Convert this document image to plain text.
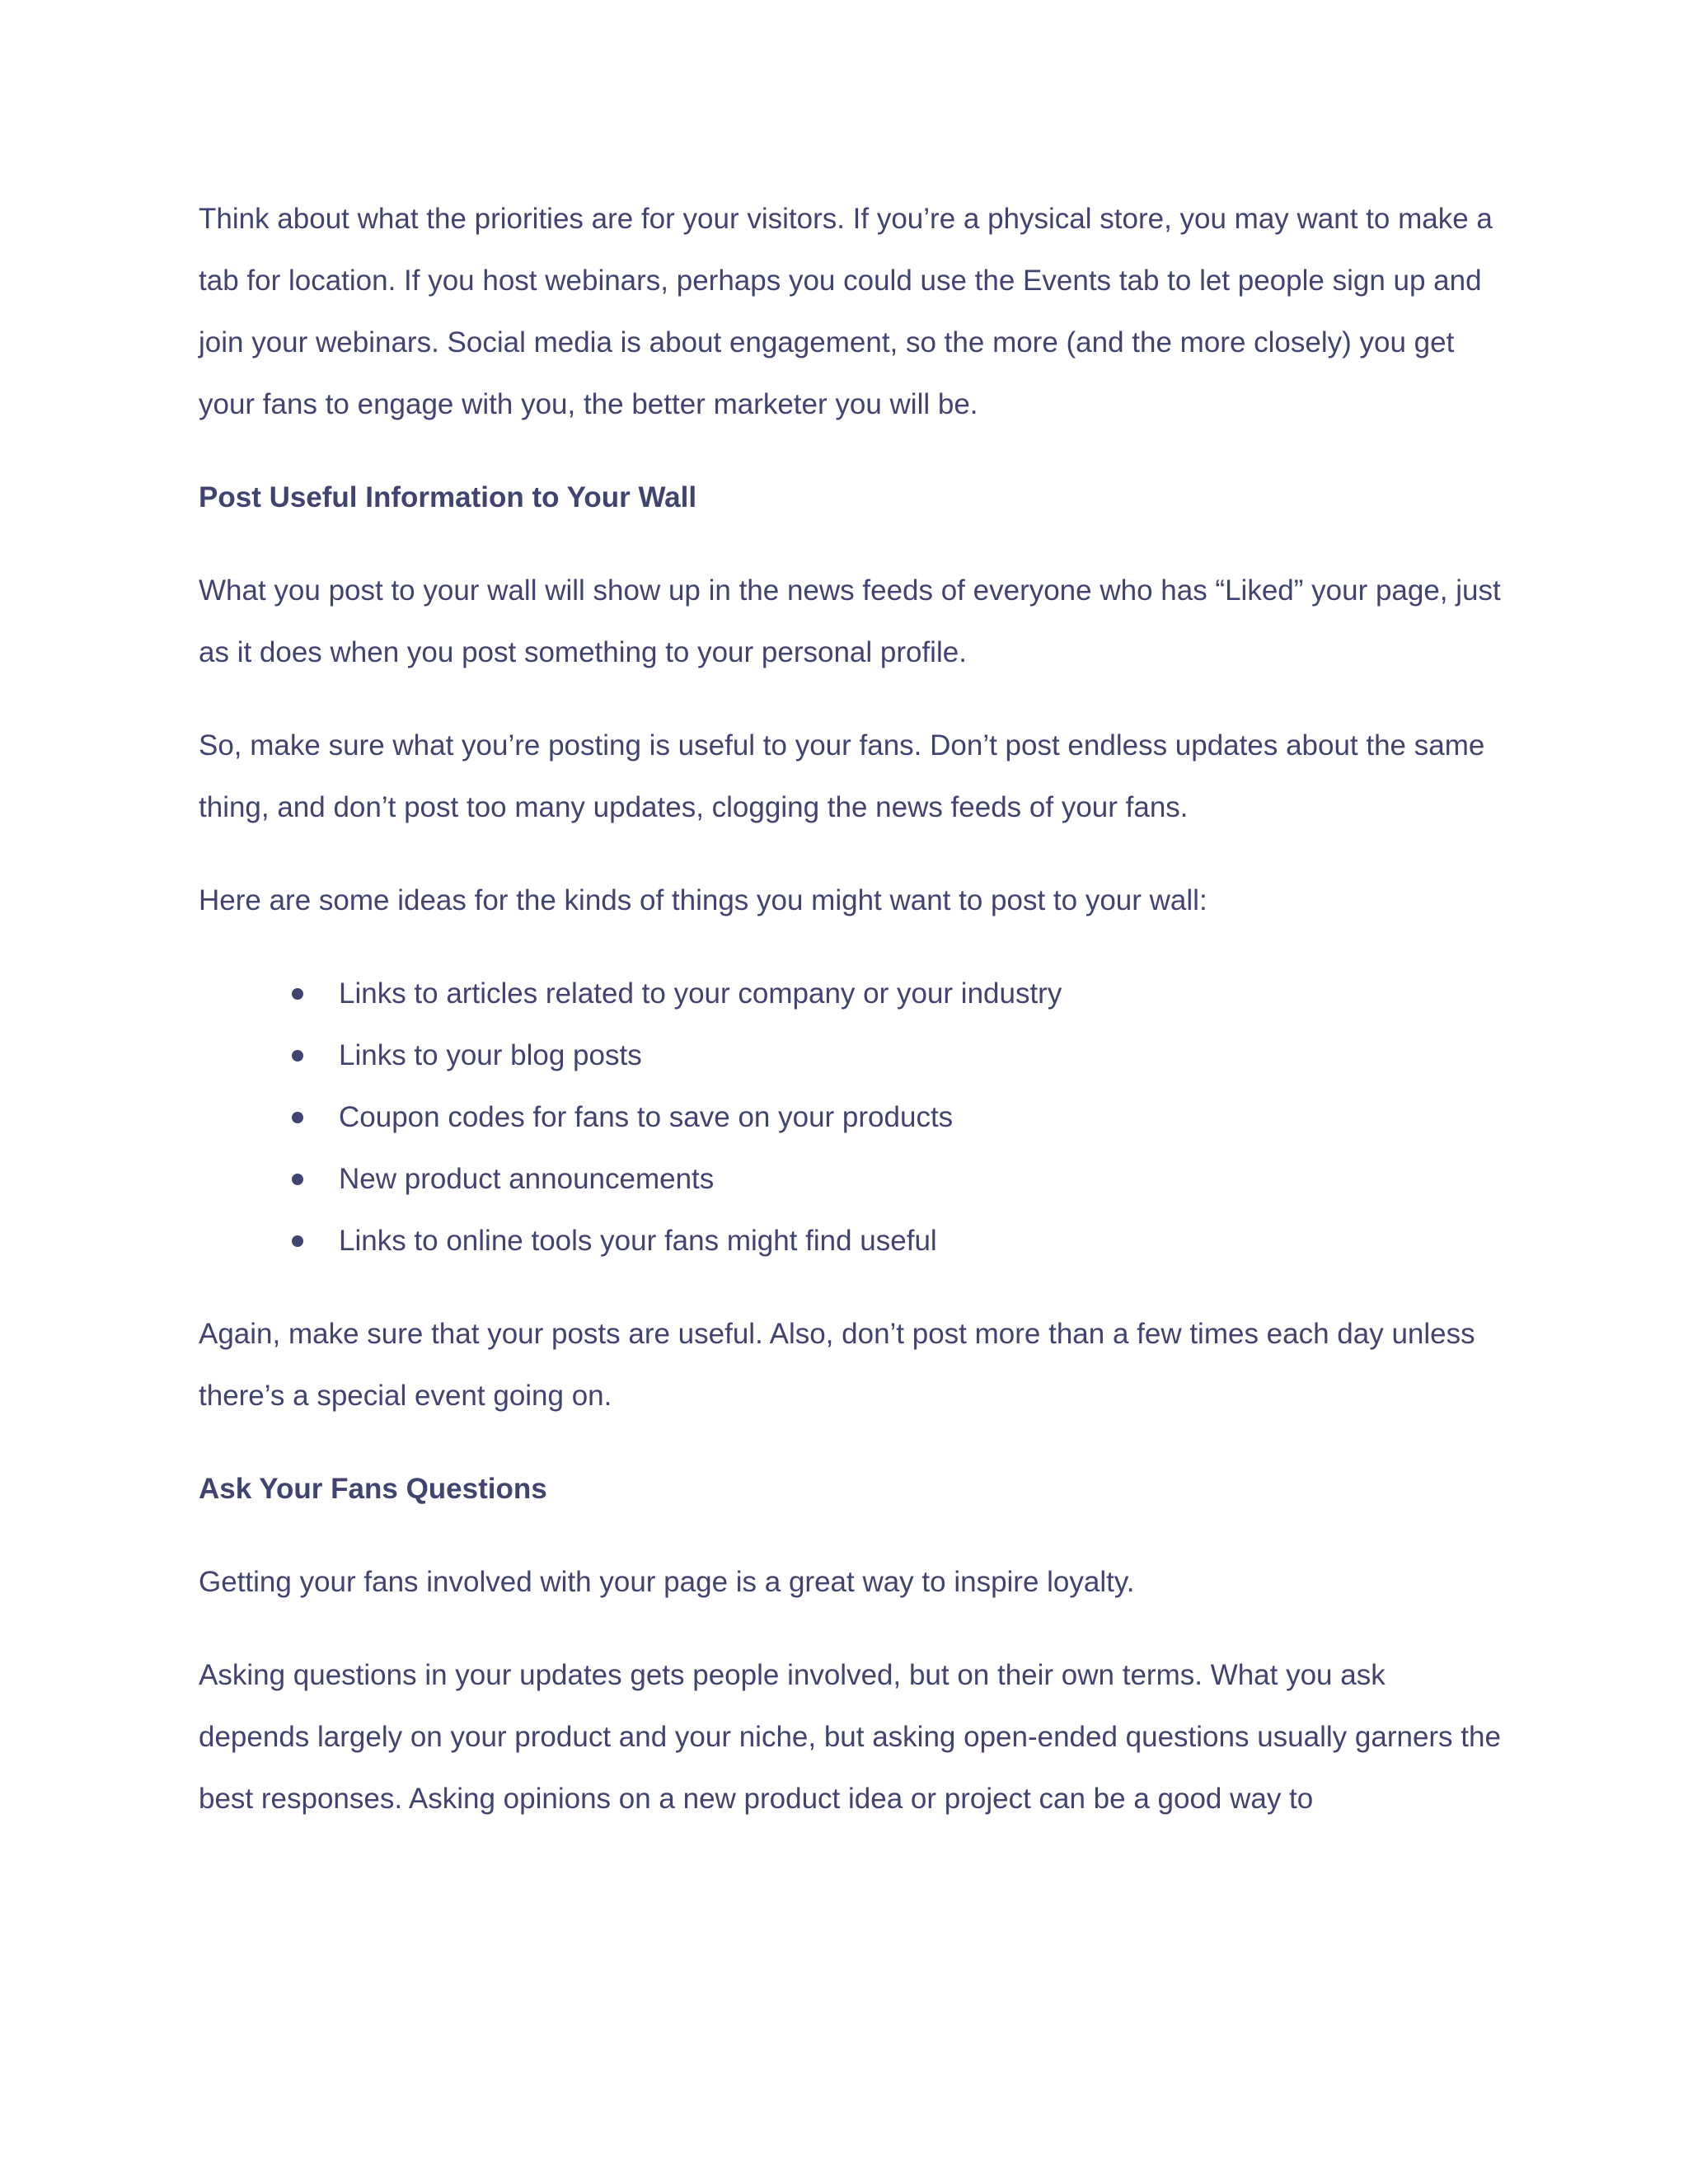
Think about what the priorities are for your visitors. If you’re a physical store, you may want to make a tab for location. If you host webinars, perhaps you could use the Events tab to let people sign up and join your webinars. Social media is about engagement, so the more (and the more closely) you get your fans to engage with you, the better marketer you will be.

Post Useful Information to Your Wall

What you post to your wall will show up in the news feeds of everyone who has “Liked” your page, just as it does when you post something to your personal profile.

So, make sure what you’re posting is useful to your fans. Don’t post endless updates about the same thing, and don’t post too many updates, clogging the news feeds of your fans.

Here are some ideas for the kinds of things you might want to post to your wall:

Links to articles related to your company or your industry
Links to your blog posts
Coupon codes for fans to save on your products
New product announcements
Links to online tools your fans might find useful

Again, make sure that your posts are useful. Also, don’t post more than a few times each day unless there’s a special event going on.

Ask Your Fans Questions

Getting your fans involved with your page is a great way to inspire loyalty.

Asking questions in your updates gets people involved, but on their own terms. What you ask depends largely on your product and your niche, but asking open-ended questions usually garners the best responses. Asking opinions on a new product idea or project can be a good way to
